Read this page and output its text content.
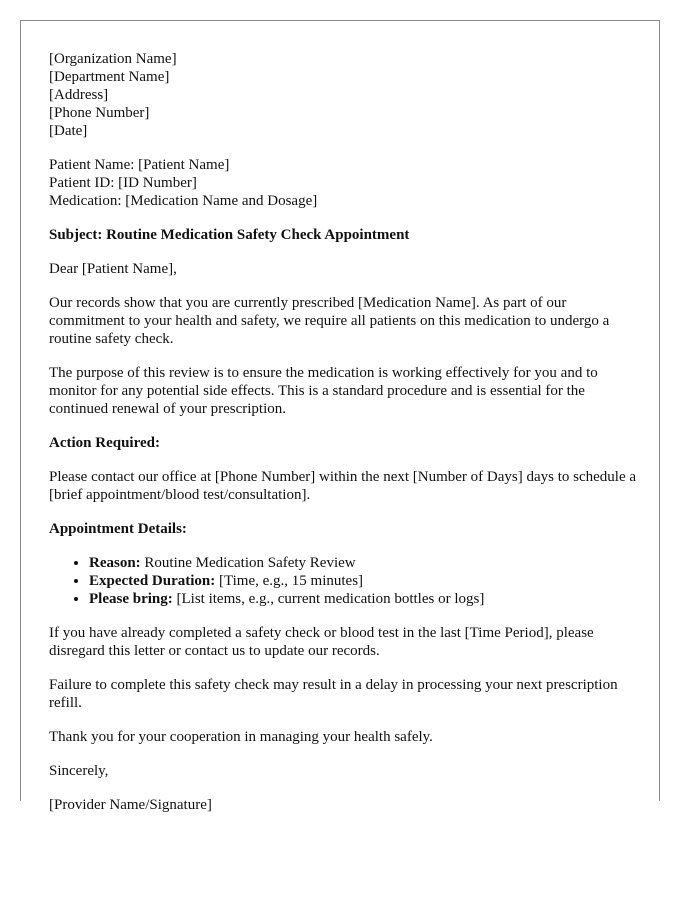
[Organization Name]
[Department Name]
[Address]
[Phone Number]
[Date]
Patient Name: [Patient Name]
Patient ID: [ID Number]
Medication: [Medication Name and Dosage]

Subject: Routine Medication Safety Check Appointment

Dear [Patient Name],

Our records show that you are currently prescribed [Medication Name]. As part of our commitment to your health and safety, we require all patients on this medication to undergo a routine safety check.

The purpose of this review is to ensure the medication is working effectively for you and to monitor for any potential side effects. This is a standard procedure and is essential for the continued renewal of your prescription.

Action Required:

Please contact our office at [Phone Number] within the next [Number of Days] days to schedule a [brief appointment/blood test/consultation].

Appointment Details:

• Reason: Routine Medication Safety Review
• Expected Duration: [Time, e.g., 15 minutes]
• Please bring: [List items, e.g., current medication bottles or logs]

If you have already completed a safety check or blood test in the last [Time Period], please disregard this letter or contact us to update our records.

Failure to complete this safety check may result in a delay in processing your next prescription refill.

Thank you for your cooperation in managing your health safely.

Sincerely,

[Provider Name/Signature]
